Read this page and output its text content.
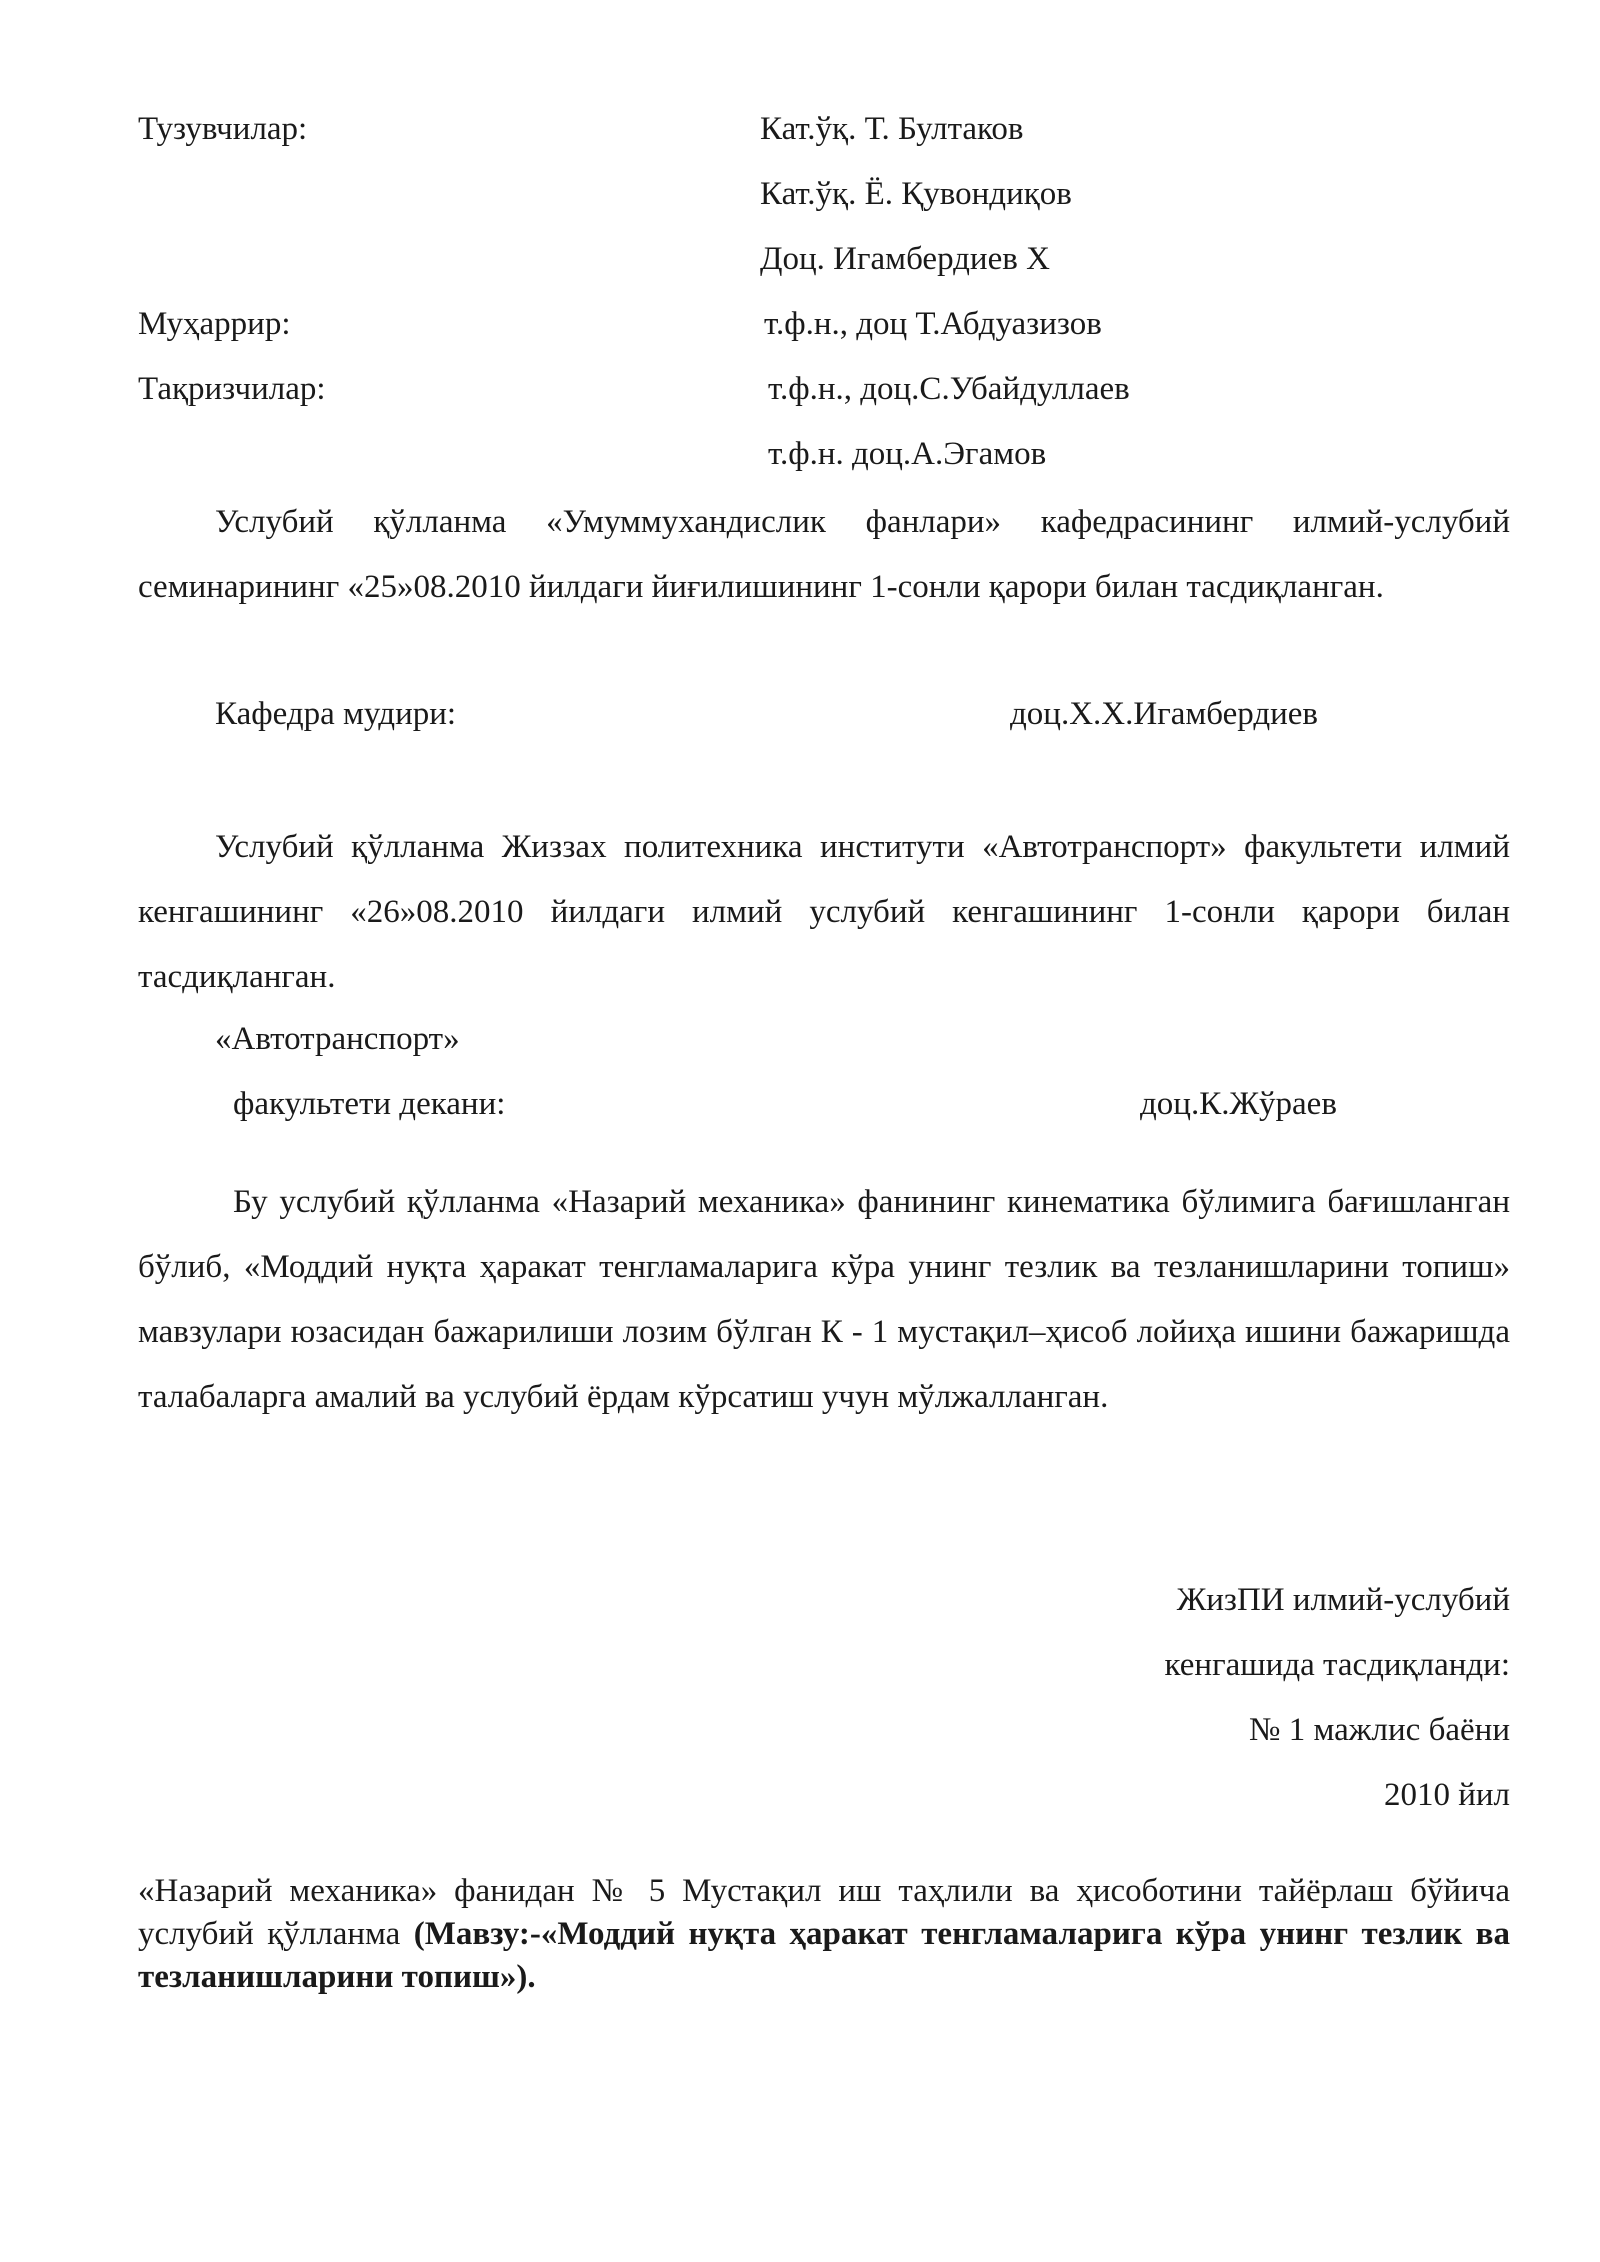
Тузувчилар:	Кат.ўқ. Т. Бултаков
Кат.ўқ. Ё. Қувондиқов
Доц. Игамбердиев Х
Муҳаррир:	т.ф.н., доц Т.Абдуазизов
Тақризчилар:	т.ф.н., доц.С.Убайдуллаев
т.ф.н. доц.А.Эгамов
Услубий қўлланма «Умуммухандислик фанлари» кафедрасининг илмий-услубий семинарининг «25»08.2010 йилдаги йиғилишининг 1-сонли қарори билан тасдиқланган.
Кафедра мудири:	доц.Х.Х.Игамбердиев
Услубий қўлланма Жиззах политехника институти «Автотранспорт» факультети илмий кенгашининг «26»08.2010 йилдаги илмий услубий кенгашининг 1-сонли қарори билан тасдиқланган.
«Автотранспорт»
факультети декани:	доц.К.Жўраев
Бу услубий қўлланма «Назарий механика» фанининг кинематика бўлимига бағишланган бўлиб, «Моддий нуқта ҳаракат тенгламаларига кўра унинг тезлик ва тезланишларини топиш» мавзулари юзасидан бажарилиши лозим бўлган К - 1 мустақил–ҳисоб лойиҳа ишини бажаришда талабаларга амалий ва услубий ёрдам кўрсатиш учун мўлжалланган.
ЖизПИ илмий-услубий
кенгашида тасдиқланди:
№ 1 мажлис баёни
2010 йил
«Назарий механика» фанидан № 5 Мустақил иш таҳлили ва ҳисоботини тайёрлаш бўйича услубий қўлланма (Мавзу:-«Моддий нуқта ҳаракат тенгламаларига кўра унинг тезлик ва тезланишларини топиш»).
